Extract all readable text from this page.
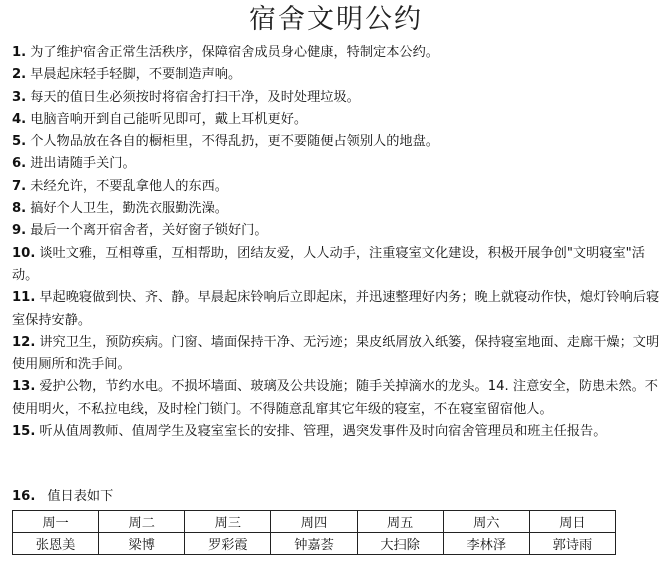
宿舍文明公约
1. 为了维护宿舍正常生活秩序，保障宿舍成员身心健康，特制定本公约。
2. 早晨起床轻手轻脚，不要制造声响。
3. 每天的值日生必须按时将宿舍打扫干净，及时处理垃圾。
4. 电脑音响开到自己能听见即可，戴上耳机更好。
5. 个人物品放在各自的橱柜里，不得乱扔，更不要随便占领别人的地盘。
6. 进出请随手关门。
7. 未经允许，不要乱拿他人的东西。
8. 搞好个人卫生，勤洗衣服勤洗澡。
9. 最后一个离开宿舍者，关好窗子锁好门。
10. 谈吐文雅，互相尊重，互相帮助，团结友爱，人人动手，注重寝室文化建设，积极开展争创"文明寝室"活动。
11. 早起晚寝做到快、齐、静。早晨起床铃响后立即起床，并迅速整理好内务；晚上就寝动作快，熄灯铃响后寝室保持安静。
12. 讲究卫生，预防疾病。门窗、墙面保持干净、无污迹；果皮纸屑放入纸篓，保持寝室地面、走廊干燥；文明使用厕所和洗手间。
13. 爱护公物，节约水电。不损坏墙面、玻璃及公共设施；随手关掉滴水的龙头。14. 注意安全，防患未然。不使用明火，不私拉电线，及时栓门锁门。不得随意乱窜其它年级的寝室，不在寝室留宿他人。
15. 听从值周教师、值周学生及寝室室长的安排、管理，遇突发事件及时向宿舍管理员和班主任报告。
16. 值日表如下
周一	周二	周三	周四	周五	周六	周日
张恩美	梁博	罗彩霞	钟嘉荟	大扫除	李林泽	郭诗雨
